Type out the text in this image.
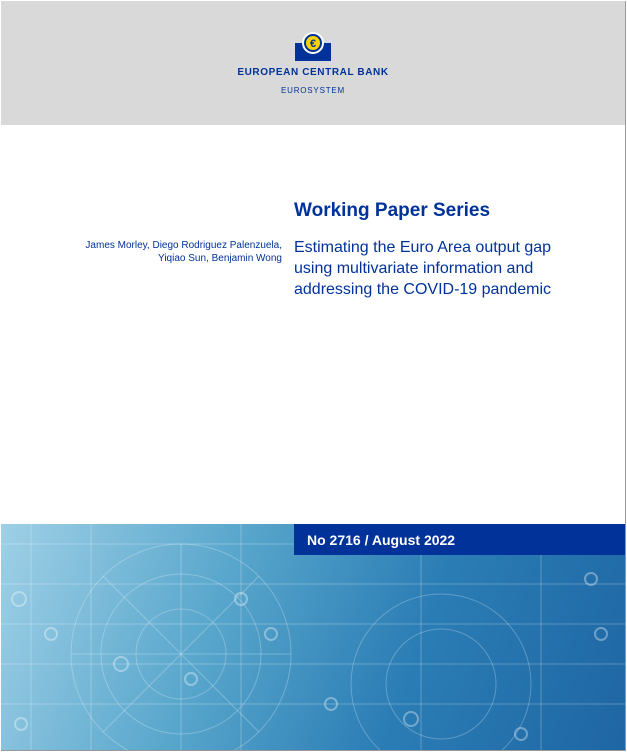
€
EUROPEAN CENTRAL BANK
EUROSYSTEM
Working Paper Series
James Morley, Diego Rodriguez Palenzuela,
Yiqiao Sun, Benjamin Wong
Estimating the Euro Area output gap
using multivariate information and
addressing the COVID-19 pandemic
No 2716 / August 2022
